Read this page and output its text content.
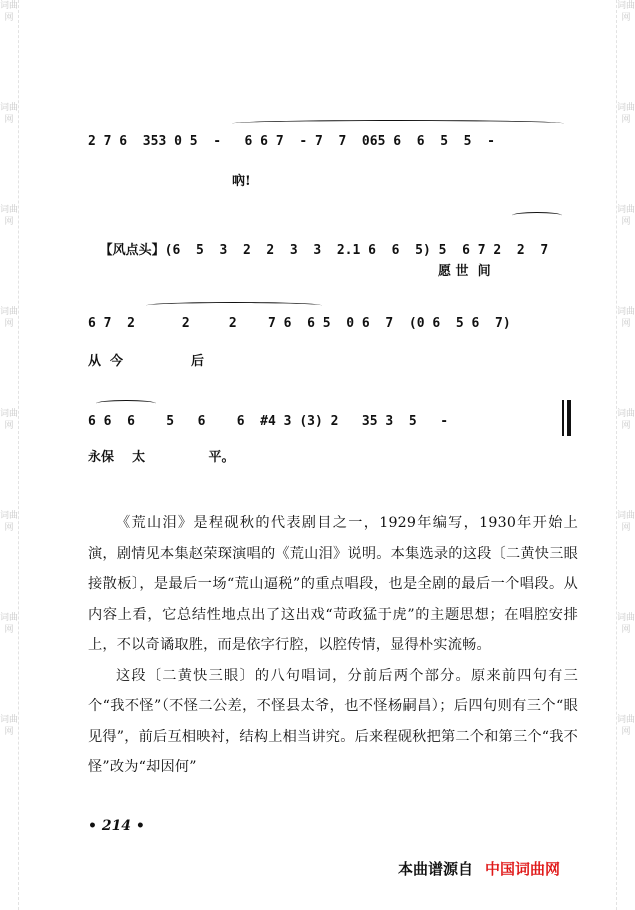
词曲网
词曲网
词曲网
词曲网
词曲网
词曲网
词曲网
词曲网
词曲网
词曲网
词曲网
词曲网
词曲网
词曲网
词曲网
词曲网
2 7 6  353 0 5  -   6 6 7  - 7  7  065 6  6  5  5  -
吶!

【风点头】(6  5  3  2  2  3  3  2.1 6  6  5) 5  6 7 2  2  7

愿 世  间
6 7  2      2     2    7 6  6 5  0 6  7  (0 6  5 6  7)
从  今               后
6 6  6    5   6    6  #4 3 (3) 2   35 3  5   -
永保    太              平。

《荒山泪》是程砚秋的代表剧目之一，1929年编写，1930年开始上演，剧情见本集赵荣琛演唱的《荒山泪》说明。本集选录的这段〔二黄快三眼接散板〕，是最后一场“荒山逼税”的重点唱段，也是全剧的最后一个唱段。从内容上看，它总结性地点出了这出戏“苛政猛于虎”的主题思想；在唱腔安排上，不以奇谲取胜，而是依字行腔，以腔传情，显得朴实流畅。

这段〔二黄快三眼〕的八句唱词，分前后两个部分。原来前四句有三个“我不怪”（不怪二公差，不怪县太爷，也不怪杨嗣昌）；后四句则有三个“眼见得”，前后互相映衬，结构上相当讲究。后来程砚秋把第二个和第三个“我不怪”改为“却因何”

• 214 •
本曲谱源自 中国词曲网
